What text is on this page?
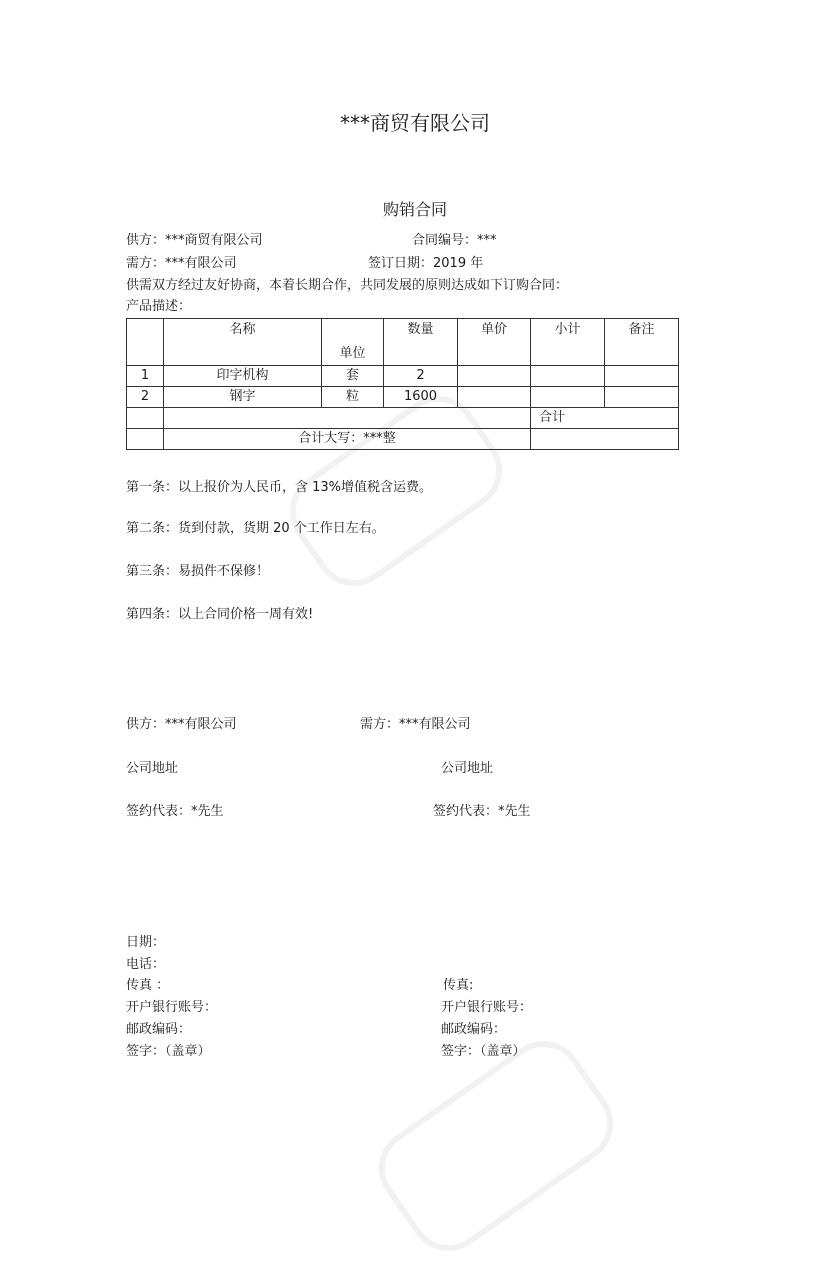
***商贸有限公司
购销合同
供方：***商贸有限公司	合同编号：***
需方：***有限公司	签订日期：2019 年
供需双方经过友好协商，本着长期合作，共同发展的原则达成如下订购合同：
产品描述：
	名称	单位	数量	单价	小计	备注
1	印字机构	套	2			
2	钢字	粒	1600			
					合计	
	合计大写：***整					
第一条：以上报价为人民币，含 13%增值税含运费。
第二条：货到付款，货期 20 个工作日左右。
第三条：易损件不保修！
第四条：以上合同价格一周有效!
供方：***有限公司	需方：***有限公司
公司地址	公司地址
签约代表：*先生	签约代表：*先生
日期：
电话：
传真 ：	传真:
开户银行账号：	开户银行账号：
邮政编码：	邮政编码：
签字：（盖章）	签字：（盖章）
